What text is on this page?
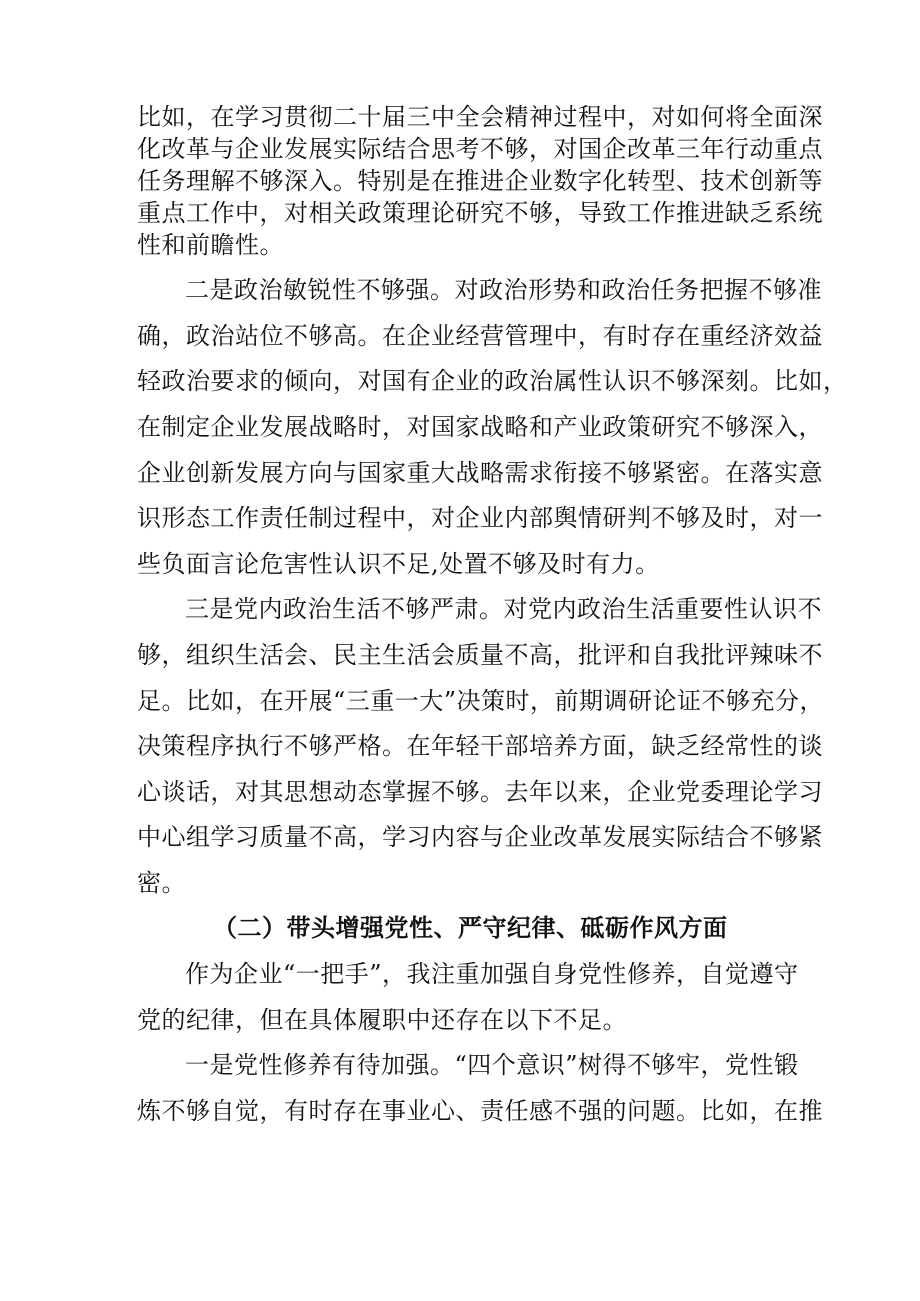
比如，在学习贯彻二十届三中全会精神过程中，对如何将全面深
化改革与企业发展实际结合思考不够，对国企改革三年行动重点
任务理解不够深入。特别是在推进企业数字化转型、技术创新等
重点工作中，对相关政策理论研究不够，导致工作推进缺乏系统
性和前瞻性。
二是政治敏锐性不够强。对政治形势和政治任务把握不够准
确，政治站位不够高。在企业经营管理中，有时存在重经济效益
轻政治要求的倾向，对国有企业的政治属性认识不够深刻。比如，
在制定企业发展战略时，对国家战略和产业政策研究不够深入，
企业创新发展方向与国家重大战略需求衔接不够紧密。在落实意
识形态工作责任制过程中，对企业内部舆情研判不够及时，对一
些负面言论危害性认识不足,处置不够及时有力。
三是党内政治生活不够严肃。对党内政治生活重要性认识不
够，组织生活会、民主生活会质量不高，批评和自我批评辣味不
足。比如，在开展“三重一大”决策时，前期调研论证不够充分，
决策程序执行不够严格。在年轻干部培养方面，缺乏经常性的谈
心谈话，对其思想动态掌握不够。去年以来，企业党委理论学习
中心组学习质量不高，学习内容与企业改革发展实际结合不够紧
密。
作为企业“一把手”，我注重加强自身党性修养，自觉遵守
党的纪律，但在具体履职中还存在以下不足。
一是党性修养有待加强。“四个意识”树得不够牢，党性锻
炼不够自觉，有时存在事业心、责任感不强的问题。比如，在推
（二）带头增强党性、严守纪律、砥砺作风方面
